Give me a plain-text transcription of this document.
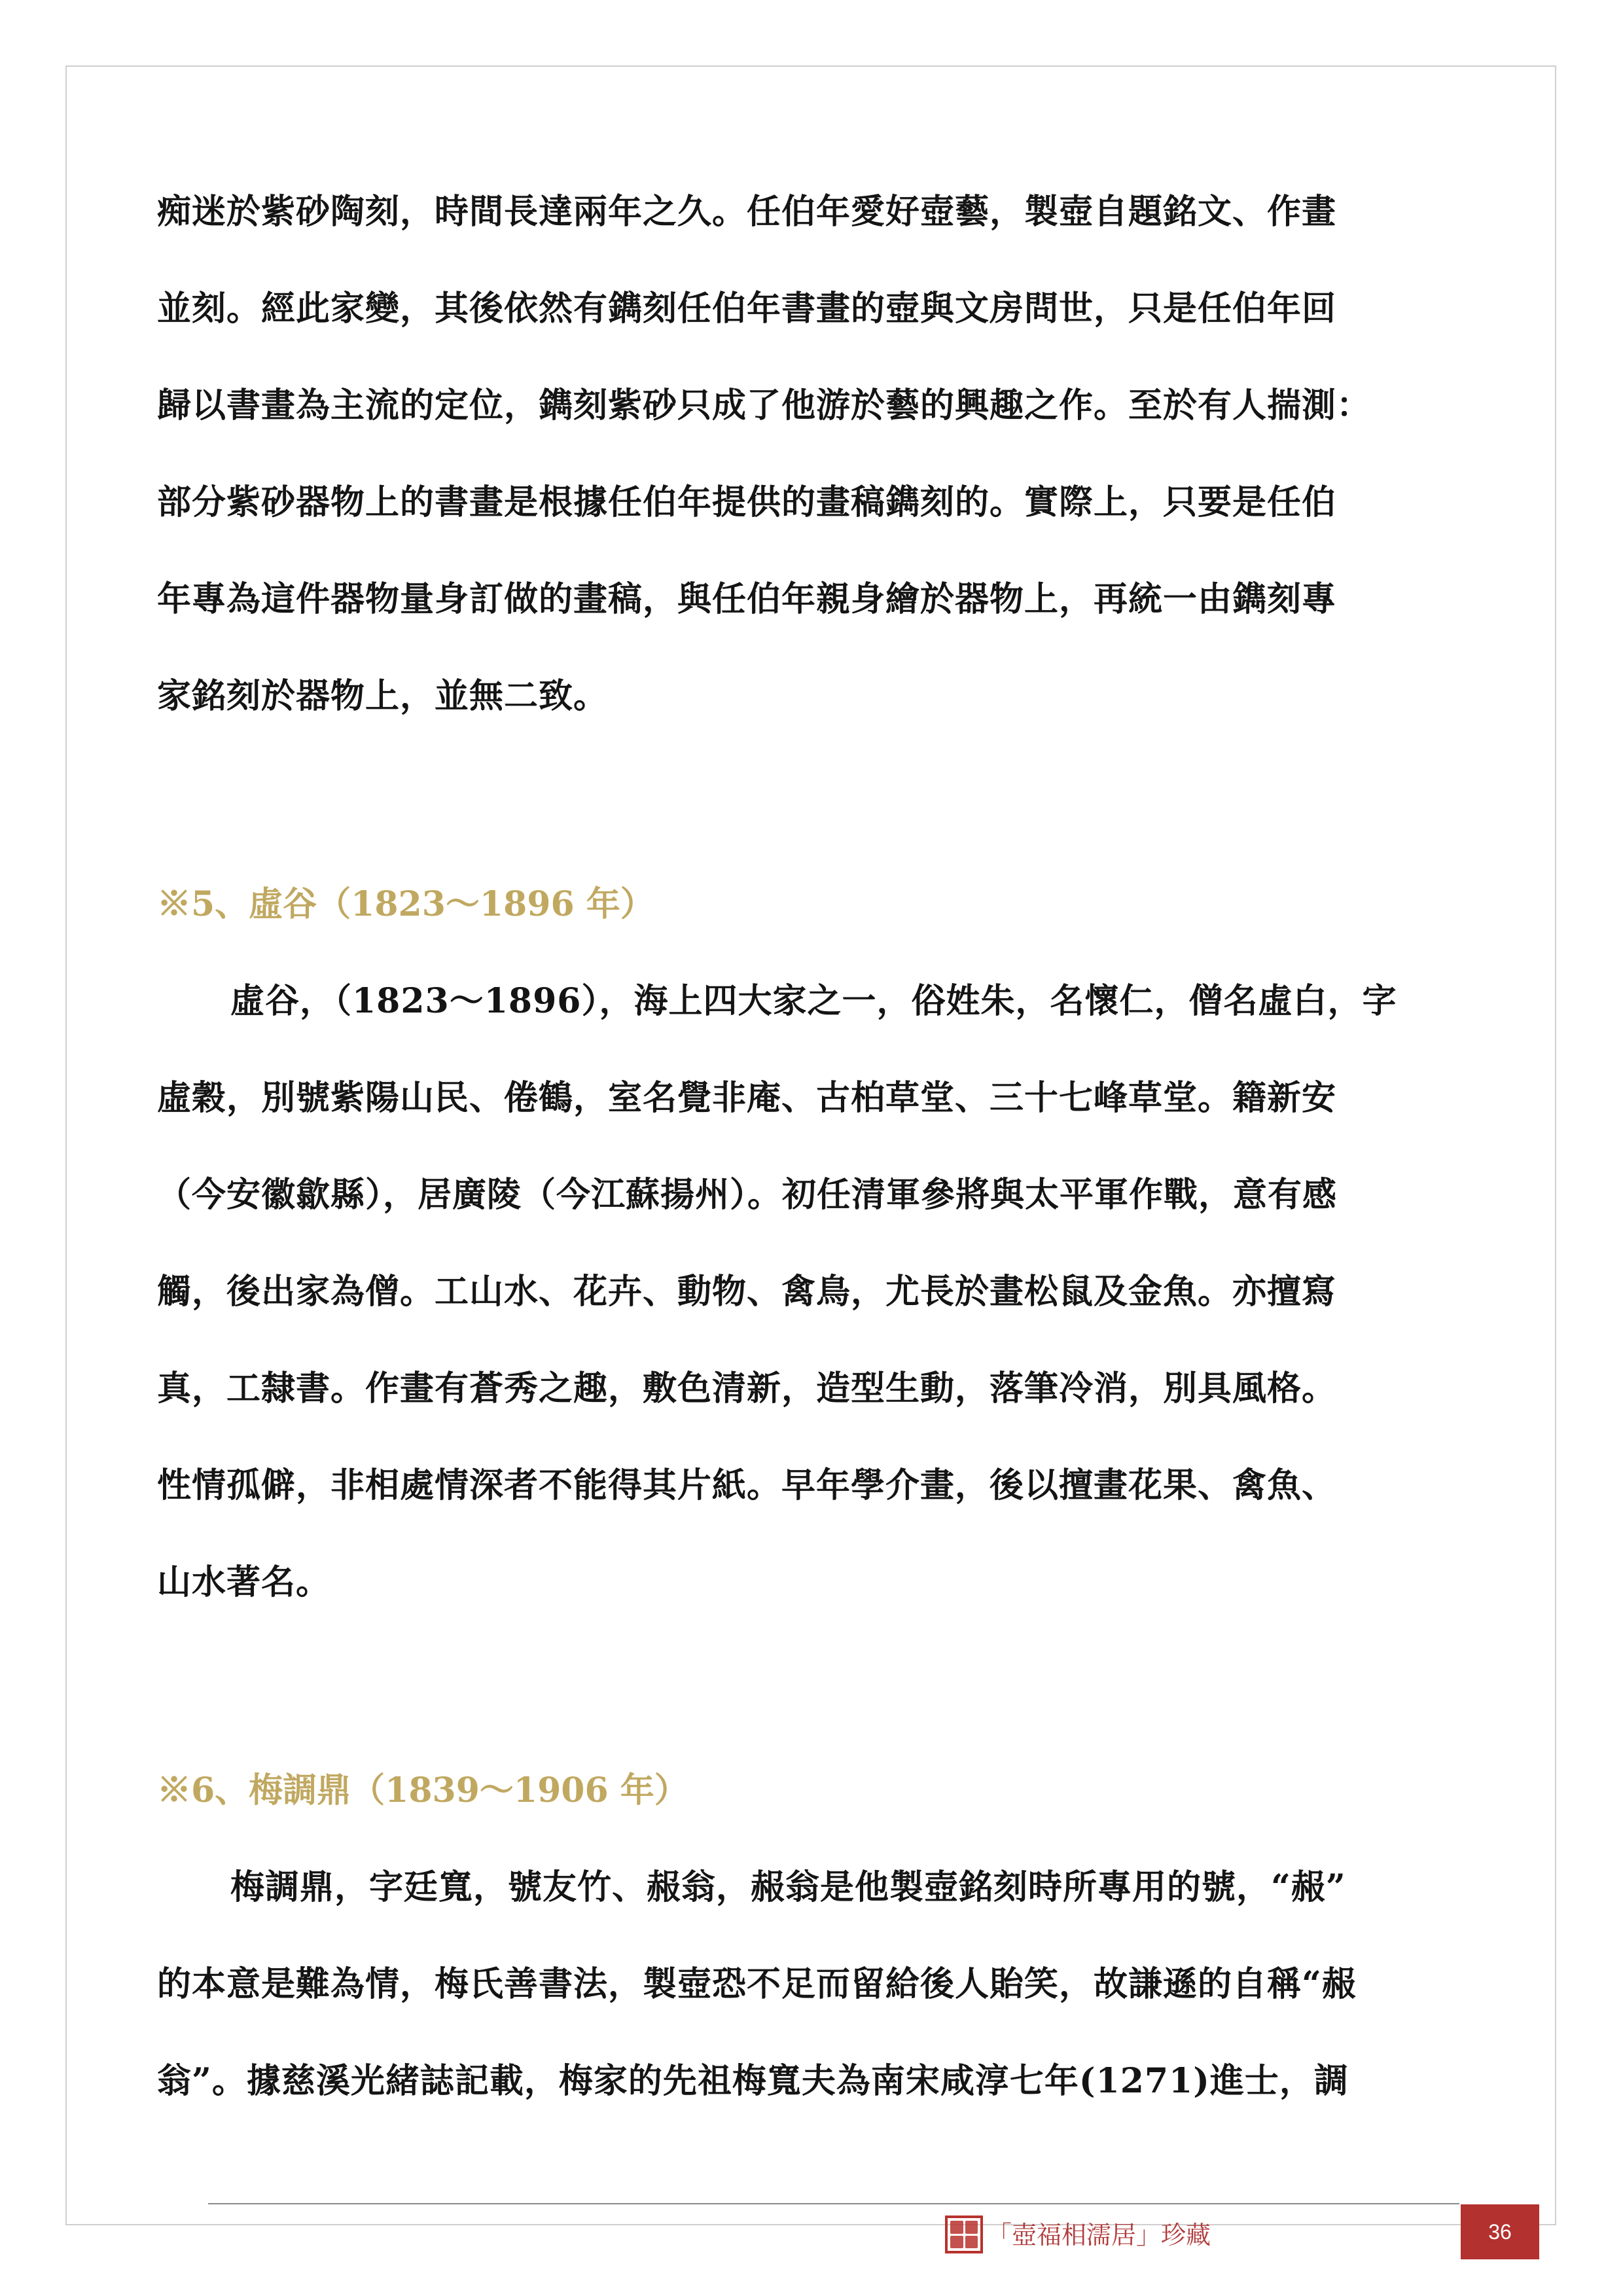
痴迷於紫砂陶刻，時間長達兩年之久。任伯年愛好壺藝，製壺自題銘文、作畫

並刻。經此家變，其後依然有鐫刻任伯年書畫的壺與文房問世，只是任伯年回

歸以書畫為主流的定位，鐫刻紫砂只成了他游於藝的興趣之作。至於有人揣測：

部分紫砂器物上的書畫是根據任伯年提供的畫稿鐫刻的。實際上，只要是任伯

年專為這件器物量身訂做的畫稿，與任伯年親身繪於器物上，再統一由鐫刻專

家銘刻於器物上，並無二致。

※5、虛谷（1823～1896 年）

虛谷，（1823～1896），海上四大家之一，俗姓朱，名懷仁，僧名虛白，字

虛穀，別號紫陽山民、倦鶴，室名覺非庵、古柏草堂、三十七峰草堂。籍新安

（今安徽歙縣），居廣陵（今江蘇揚州）。初任清軍參將與太平軍作戰，意有感

觸，後出家為僧。工山水、花卉、動物、禽鳥，尤長於畫松鼠及金魚。亦擅寫

真，工隸書。作畫有蒼秀之趣，敷色清新，造型生動，落筆冷消，別具風格。

性情孤僻，非相處情深者不能得其片紙。早年學介畫，後以擅畫花果、禽魚、

山水著名。

※6、梅調鼎（1839～1906 年）

梅調鼎，字廷寬，號友竹、赧翁，赧翁是他製壺銘刻時所專用的號，“赧”

的本意是難為情，梅氏善書法，製壺恐不足而留給後人貽笑，故謙遜的自稱“赧

翁”。據慈溪光緒誌記載，梅家的先祖梅寬夫為南宋咸淳七年(1271)進士，調

「壺福相濡居」珍藏	36
